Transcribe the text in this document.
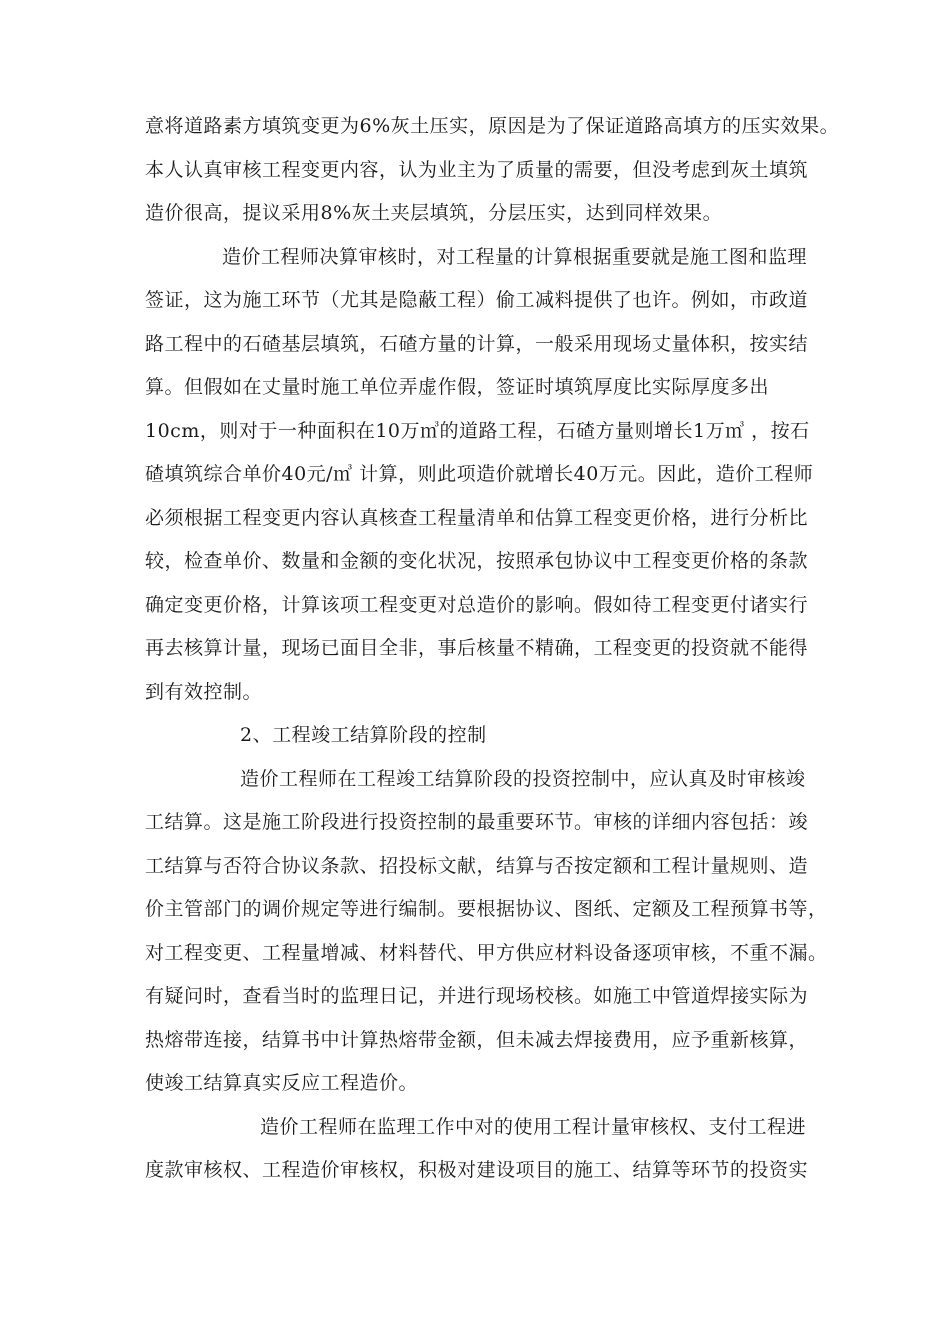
意将道路素方填筑变更为6%灰土压实，原因是为了保证道路高填方的压实效果。
本人认真审核工程变更内容，认为业主为了质量的需要，但没考虑到灰土填筑
造价很高，提议采用8%灰土夹层填筑，分层压实，达到同样效果。
造价工程师决算审核时，对工程量的计算根据重要就是施工图和监理
签证，这为施工环节（尤其是隐蔽工程）偷工减料提供了也许。例如，市政道
路工程中的石碴基层填筑，石碴方量的计算，一般采用现场丈量体积，按实结
算。但假如在丈量时施工单位弄虚作假，签证时填筑厚度比实际厚度多出
10cm，则对于一种面积在10万㎥的道路工程，石碴方量则增长1万㎥ ，按石
碴填筑综合单价40元/㎥ 计算，则此项造价就增长40万元。因此，造价工程师
必须根据工程变更内容认真核查工程量清单和估算工程变更价格，进行分析比
较，检查单价、数量和金额的变化状况，按照承包协议中工程变更价格的条款
确定变更价格，计算该项工程变更对总造价的影响。假如待工程变更付诸实行
再去核算计量，现场已面目全非，事后核量不精确，工程变更的投资就不能得
到有效控制。
2、工程竣工结算阶段的控制
造价工程师在工程竣工结算阶段的投资控制中，应认真及时审核竣
工结算。这是施工阶段进行投资控制的最重要环节。审核的详细内容包括：竣
工结算与否符合协议条款、招投标文献，结算与否按定额和工程计量规则、造
价主管部门的调价规定等进行编制。要根据协议、图纸、定额及工程预算书等，
对工程变更、工程量增减、材料替代、甲方供应材料设备逐项审核，不重不漏。
有疑问时，查看当时的监理日记，并进行现场校核。如施工中管道焊接实际为
热熔带连接，结算书中计算热熔带金额，但未减去焊接费用，应予重新核算，
使竣工结算真实反应工程造价。
造价工程师在监理工作中对的使用工程计量审核权、支付工程进
度款审核权、工程造价审核权，积极对建设项目的施工、结算等环节的投资实
